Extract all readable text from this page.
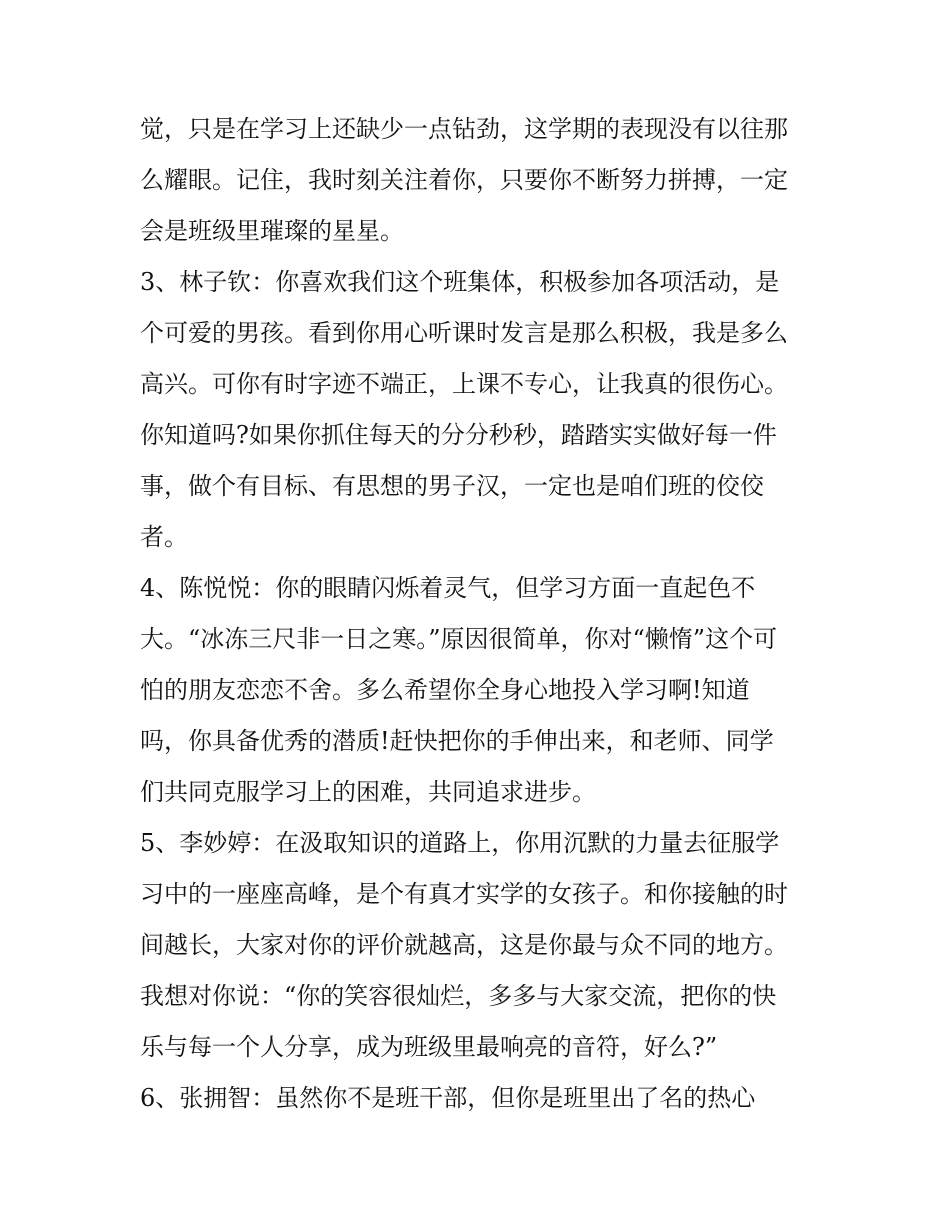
觉，只是在学习上还缺少一点钻劲，这学期的表现没有以往那
么耀眼。记住，我时刻关注着你，只要你不断努力拼搏，一定
会是班级里璀璨的星星。
3、林子钦：你喜欢我们这个班集体，积极参加各项活动，是
个可爱的男孩。看到你用心听课时发言是那么积极，我是多么
高兴。可你有时字迹不端正，上课不专心，让我真的很伤心。
你知道吗?如果你抓住每天的分分秒秒，踏踏实实做好每一件
事，做个有目标、有思想的男子汉，一定也是咱们班的佼佼
者。
4、陈悦悦：你的眼睛闪烁着灵气，但学习方面一直起色不
大。“冰冻三尺非一日之寒。”原因很简单，你对“懒惰”这个可
怕的朋友恋恋不舍。多么希望你全身心地投入学习啊!知道
吗，你具备优秀的潜质!赶快把你的手伸出来，和老师、同学
们共同克服学习上的困难，共同追求进步。
5、李妙婷：在汲取知识的道路上，你用沉默的力量去征服学
习中的一座座高峰，是个有真才实学的女孩子。和你接触的时
间越长，大家对你的评价就越高，这是你最与众不同的地方。
我想对你说：“你的笑容很灿烂，多多与大家交流，把你的快
乐与每一个人分享，成为班级里最响亮的音符，好么?”
6、张拥智：虽然你不是班干部，但你是班里出了名的热心
